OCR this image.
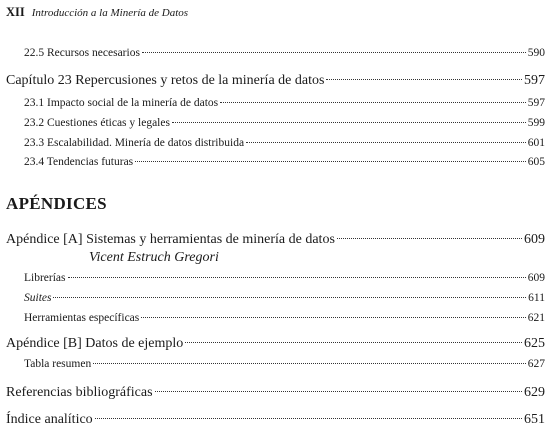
XII Introducción a la Minería de Datos
22.5 Recursos necesarios	590
Capítulo 23 Repercusiones y retos de la minería de datos	597
23.1 Impacto social de la minería de datos	597
23.2 Cuestiones éticas y legales	599
23.3 Escalabilidad. Minería de datos distribuida	601
23.4 Tendencias futuras	605
APÉNDICES
Apéndice [A] Sistemas y herramientas de minería de datos	609
Vicent Estruch Gregori
Librerías	609
Suites	611
Herramientas específicas	621
Apéndice [B] Datos de ejemplo	625
Tabla resumen	627
Referencias bibliográficas	629
Índice analítico	651
